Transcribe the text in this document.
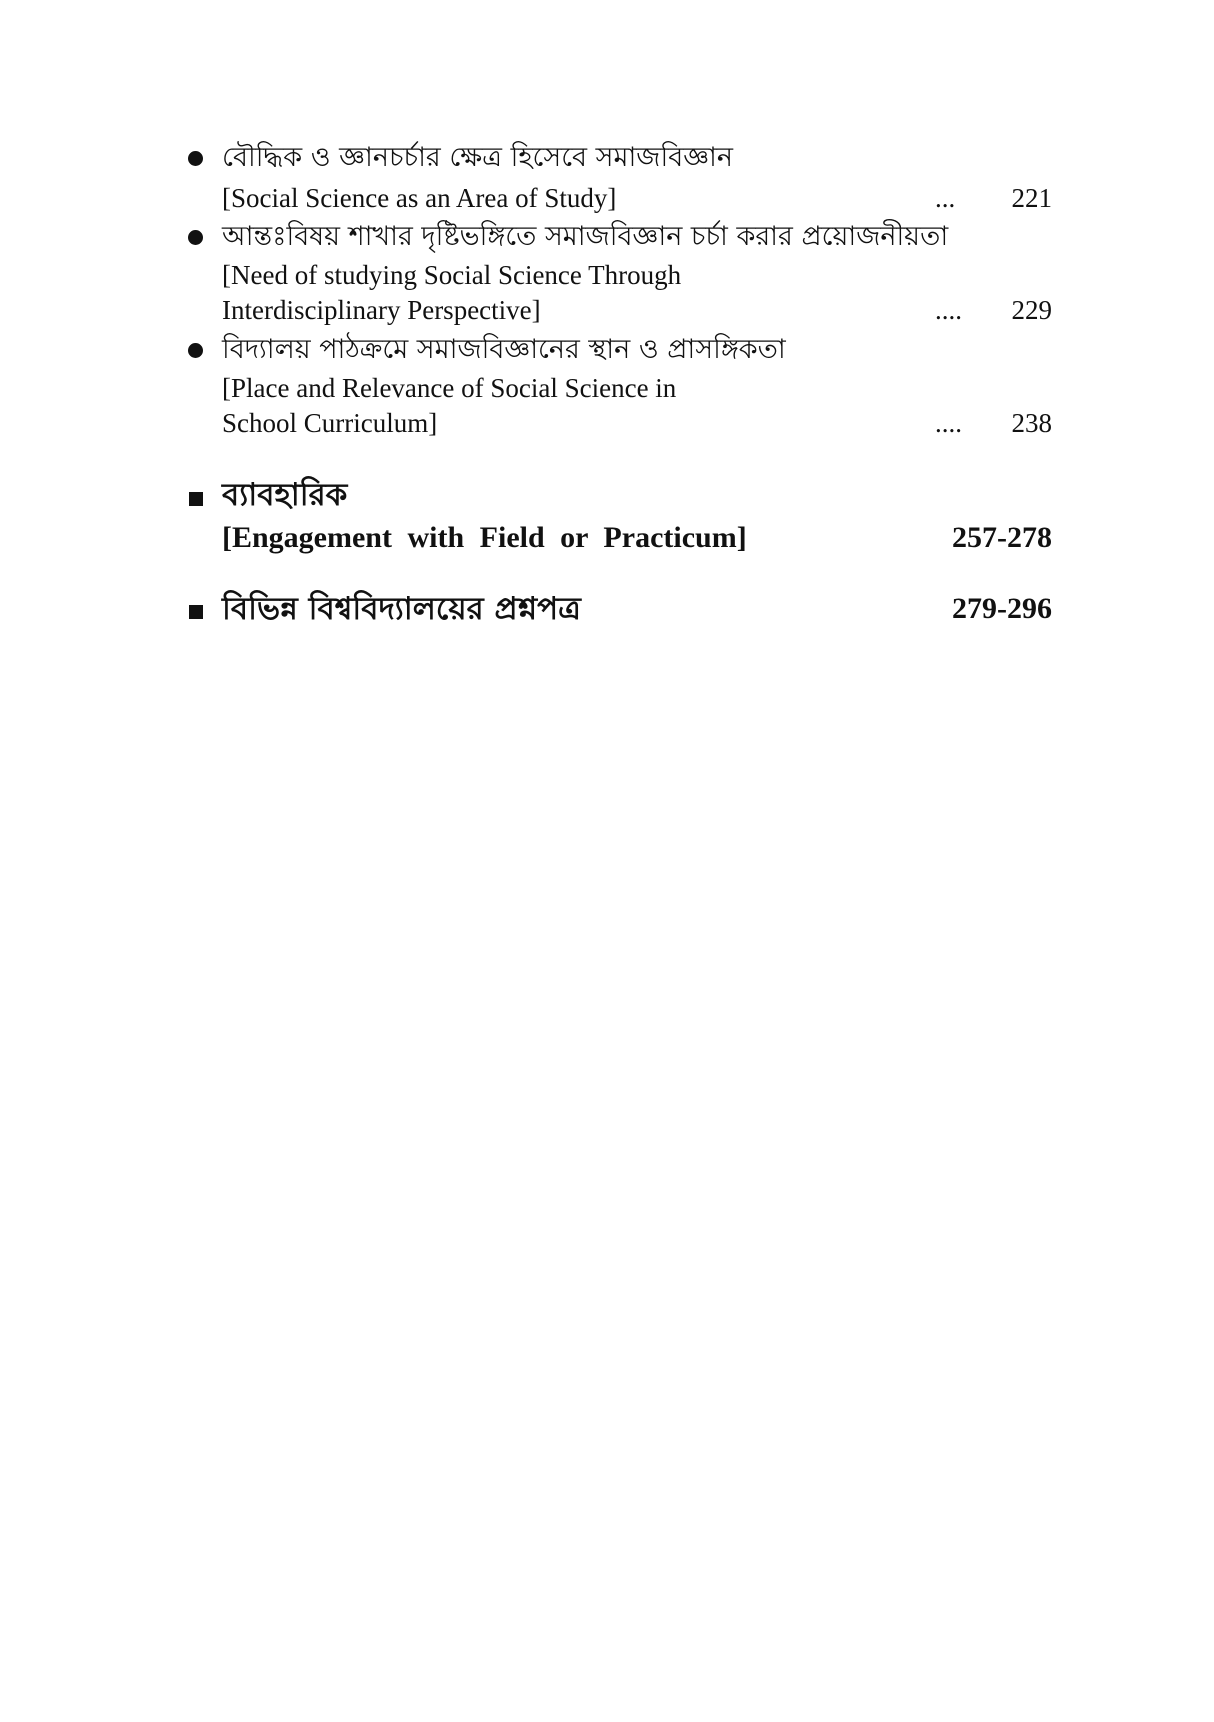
বৌদ্ধিক ও জ্ঞানচর্চার ক্ষেত্র হিসেবে সমাজবিজ্ঞান
[Social Science as an Area of Study]	... 221
আন্তঃবিষয় শাখার দৃষ্টিভঙ্গিতে সমাজবিজ্ঞান চর্চা করার প্রয়োজনীয়তা
[Need of studying Social Science Through
Interdisciplinary Perspective]	.... 229
বিদ্যালয় পাঠক্রমে সমাজবিজ্ঞানের স্থান ও প্রাসঙ্গিকতা
[Place and Relevance of Social Science in
School Curriculum]	.... 238
ব্যাবহারিক
[Engagement with Field or Practicum]	257-278
বিভিন্ন বিশ্ববিদ্যালয়ের প্রশ্নপত্র	279-296
